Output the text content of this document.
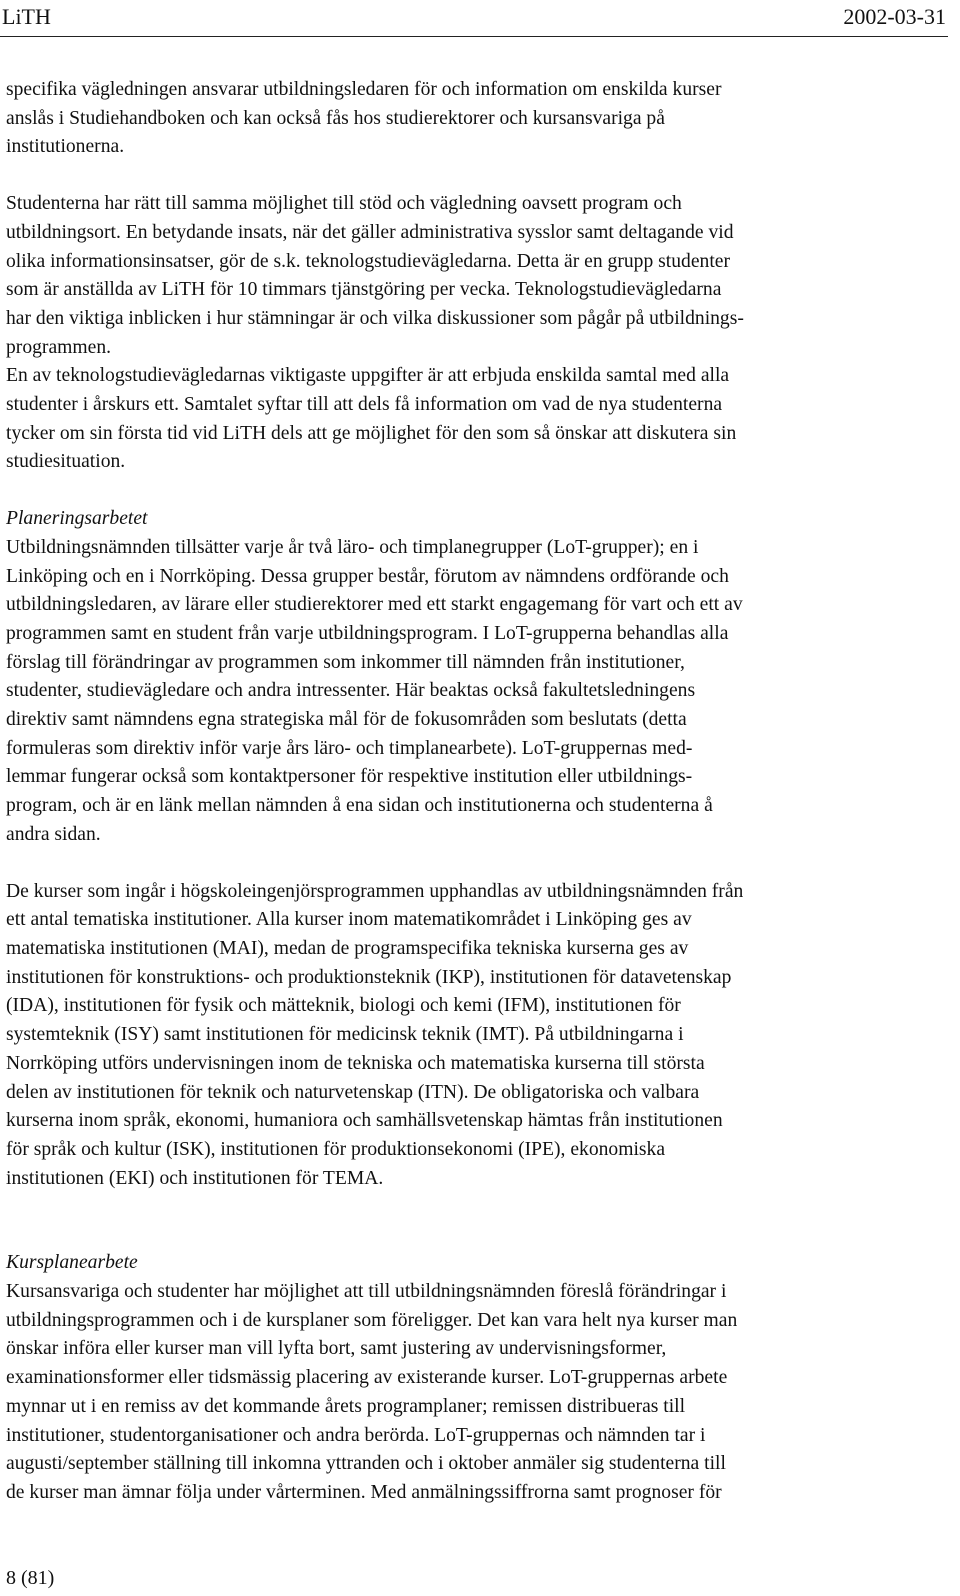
LiTH	2002-03-31

specifika vägledningen ansvarar utbildningsledaren för och information om enskilda kurser

anslås i Studiehandboken och kan också fås hos studierektorer och kursansvariga på

institutionerna.

Studenterna har rätt till samma möjlighet till stöd och vägledning oavsett program och

utbildningsort. En betydande insats, när det gäller administrativa sysslor samt deltagande vid

olika informationsinsatser, gör de s.k. teknologstudievägledarna. Detta är en grupp studenter

som är anställda av LiTH för 10 timmars tjänstgöring per vecka. Teknologstudievägledarna

har den viktiga inblicken i hur stämningar är och vilka diskussioner som pågår på utbildnings-

programmen.

En av teknologstudievägledarnas viktigaste uppgifter är att erbjuda enskilda samtal med alla

studenter i årskurs ett. Samtalet syftar till att dels få information om vad de nya studenterna

tycker om sin första tid vid LiTH dels att ge möjlighet för den som så önskar att diskutera sin

studiesituation.

Planeringsarbetet

Utbildningsnämnden tillsätter varje år två läro- och timplanegrupper (LoT-grupper); en i

Linköping och en i Norrköping. Dessa grupper består, förutom av nämndens ordförande och

utbildningsledaren, av lärare eller studierektorer med ett starkt engagemang för vart och ett av

programmen samt en student från varje utbildningsprogram. I LoT-grupperna behandlas alla

förslag till förändringar av programmen som inkommer till nämnden från institutioner,

studenter, studievägledare och andra intressenter. Här beaktas också fakultetsledningens

direktiv samt nämndens egna strategiska mål för de fokusområden som beslutats (detta

formuleras som direktiv inför varje års läro- och timplanearbete). LoT-gruppernas med-

lemmar fungerar också som kontaktpersoner för respektive institution eller utbildnings-

program, och är en länk mellan nämnden å ena sidan och institutionerna och studenterna å

andra sidan.

De kurser som ingår i högskoleingenjörsprogrammen upphandlas av utbildningsnämnden från

ett antal tematiska institutioner. Alla kurser inom matematikområdet i Linköping ges av

matematiska institutionen (MAI), medan de programspecifika tekniska kurserna ges av

institutionen för konstruktions- och produktionsteknik (IKP), institutionen för datavetenskap

(IDA), institutionen för fysik och mätteknik, biologi och kemi (IFM), institutionen för

systemteknik (ISY) samt institutionen för medicinsk teknik (IMT). På utbildningarna i

Norrköping utförs undervisningen inom de tekniska och matematiska kurserna till största

delen av institutionen för teknik och naturvetenskap (ITN). De obligatoriska och valbara

kurserna inom språk, ekonomi, humaniora och samhällsvetenskap hämtas från institutionen

för språk och kultur (ISK), institutionen för produktionsekonomi (IPE), ekonomiska

institutionen (EKI) och institutionen för TEMA.

Kursplanearbete

Kursansvariga och studenter har möjlighet att till utbildningsnämnden föreslå förändringar i

utbildningsprogrammen och i de kursplaner som föreligger. Det kan vara helt nya kurser man

önskar införa eller kurser man vill lyfta bort, samt justering av undervisningsformer,

examinationsformer eller tidsmässig placering av existerande kurser. LoT-gruppernas arbete

mynnar ut i en remiss av det kommande årets programplaner; remissen distribueras till

institutioner, studentorganisationer och andra berörda. LoT-gruppernas och nämnden tar i

augusti/september ställning till inkomna yttranden och i oktober anmäler sig studenterna till

de kurser man ämnar följa under vårterminen. Med anmälningssiffrorna samt prognoser för

8 (81)
